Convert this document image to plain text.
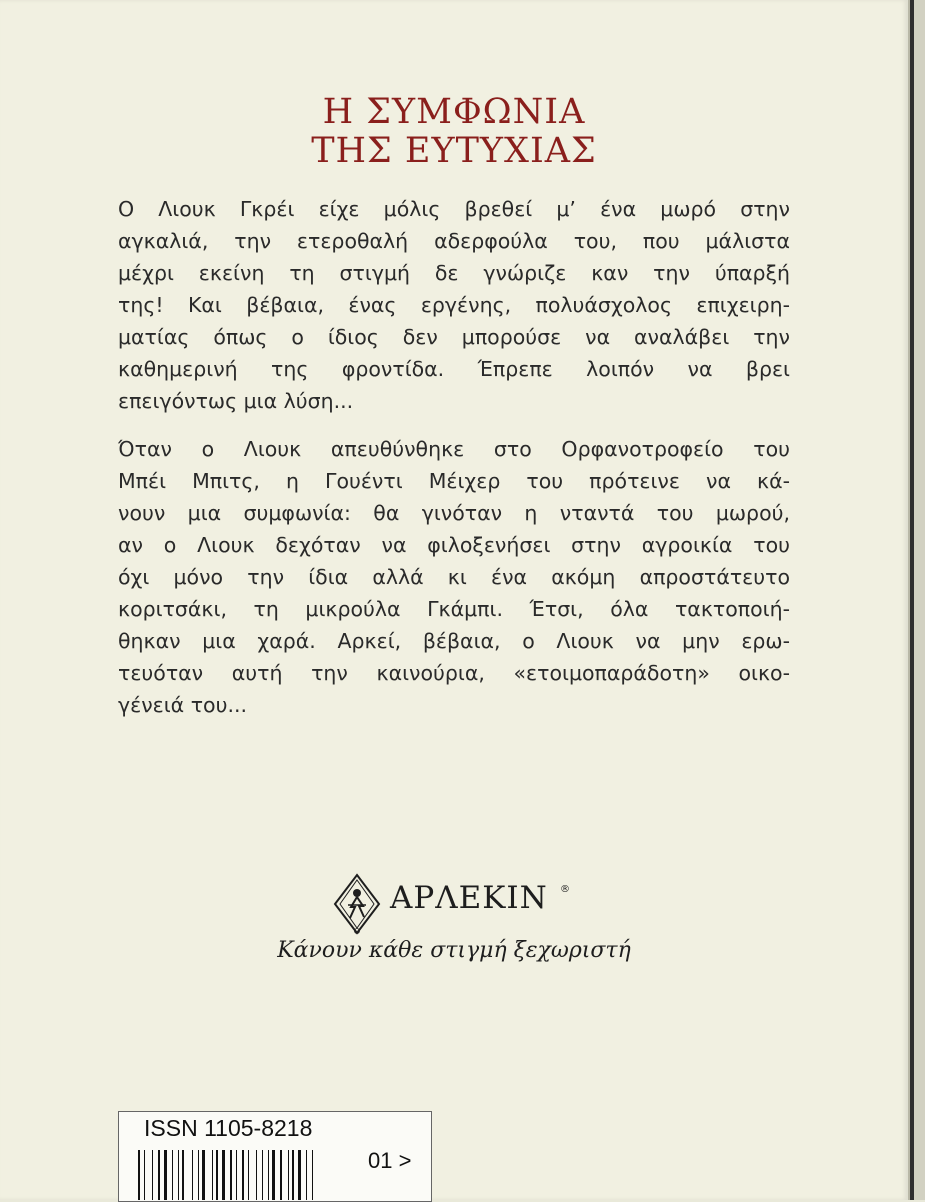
Η ΣΥΜΦΩΝΙΑ
ΤΗΣ ΕΥΤΥΧΙΑΣ
Ο Λιουκ Γκρέι είχε μόλις βρεθεί μ’ ένα μωρό στην
αγκαλιά, την ετεροθαλή αδερφούλα του, που μάλιστα
μέχρι εκείνη τη στιγμή δε γνώριζε καν την ύπαρξή
της! Και βέβαια, ένας εργένης, πολυάσχολος επιχειρη-
ματίας όπως ο ίδιος δεν μπορούσε να αναλάβει την
καθημερινή της φροντίδα. Έπρεπε λοιπόν να βρει
επειγόντως μια λύση...
Όταν ο Λιουκ απευθύνθηκε στο Ορφανοτροφείο του
Μπέι Μπιτς, η Γουέντι Μέιχερ του πρότεινε να κά-
νουν μια συμφωνία: θα γινόταν η νταντά του μωρού,
αν ο Λιουκ δεχόταν να φιλοξενήσει στην αγροικία του
όχι μόνο την ίδια αλλά κι ένα ακόμη απροστάτευτο
κοριτσάκι, τη μικρούλα Γκάμπι. Έτσι, όλα τακτοποιή-
θηκαν μια χαρά. Αρκεί, βέβαια, ο Λιουκ να μην ερω-
τευόταν αυτή την καινούρια, «ετοιμοπαράδοτη» οικο-
γένειά του...
ΑΡΛΕΚΙΝ ®
Κάνουν κάθε στιγμή ξεχωριστή
ISSN 1105-8218
01 >
